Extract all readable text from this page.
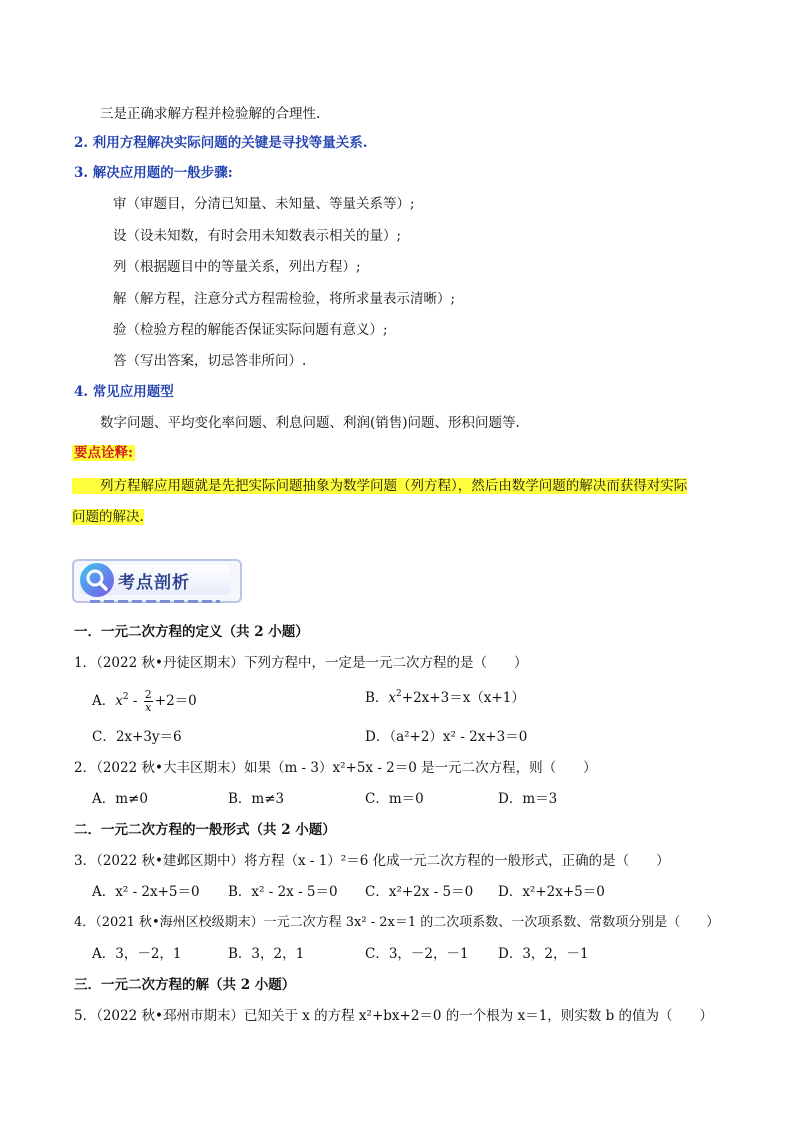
三是正确求解方程并检验解的合理性.
2. 利用方程解决实际问题的关键是寻找等量关系.
3. 解决应用题的一般步骤:
审（审题目，分清已知量、未知量、等量关系等）;
设（设未知数，有时会用未知数表示相关的量）;
列（根据题目中的等量关系，列出方程）;
解（解方程，注意分式方程需检验，将所求量表示清晰）;
验（检验方程的解能否保证实际问题有意义）;
答（写出答案，切忌答非所问）.
4. 常见应用题型
数字问题、平均变化率问题、利息问题、利润(销售)问题、形积问题等.
要点诠释:
列方程解应用题就是先把实际问题抽象为数学问题（列方程），然后由数学问题的解决而获得对实际
问题的解决.
考点剖析
一．一元二次方程的定义（共 2 小题）
1．（2022 秋•丹徒区期末）下列方程中，一定是一元二次方程的是（　　）
A．$x^2 - \frac{2}{x} +2=0$	B．$x^2+2x+3=x(x+1)$
C．2x+3y＝6	D．（a²+2）x² - 2x+3＝0
2．（2022 秋•大丰区期末）如果（m - 3）x²+5x - 2＝0 是一元二次方程，则（　　）
A．m≠0	B．m≠3	C．m＝0	D．m＝3
二．一元二次方程的一般形式（共 2 小题）
3．（2022 秋•建邺区期中）将方程（x - 1）²＝6 化成一元二次方程的一般形式，正确的是（　　）
A．x² - 2x+5＝0 B．x² - 2x - 5＝0 C．x²+2x - 5＝0 D．x²+2x+5＝0
4．（2021 秋•海州区校级期末）一元二次方程 3x² - 2x＝1 的二次项系数、一次项系数、常数项分别是（　　）
A．3，－2，1	B．3，2，1	C．3，－2，－1 D．3，2，－1
三．一元二次方程的解（共 2 小题）
5．（2022 秋•邳州市期末）已知关于 x 的方程 x²+bx+2＝0 的一个根为 x＝1，则实数 b 的值为（　　）
